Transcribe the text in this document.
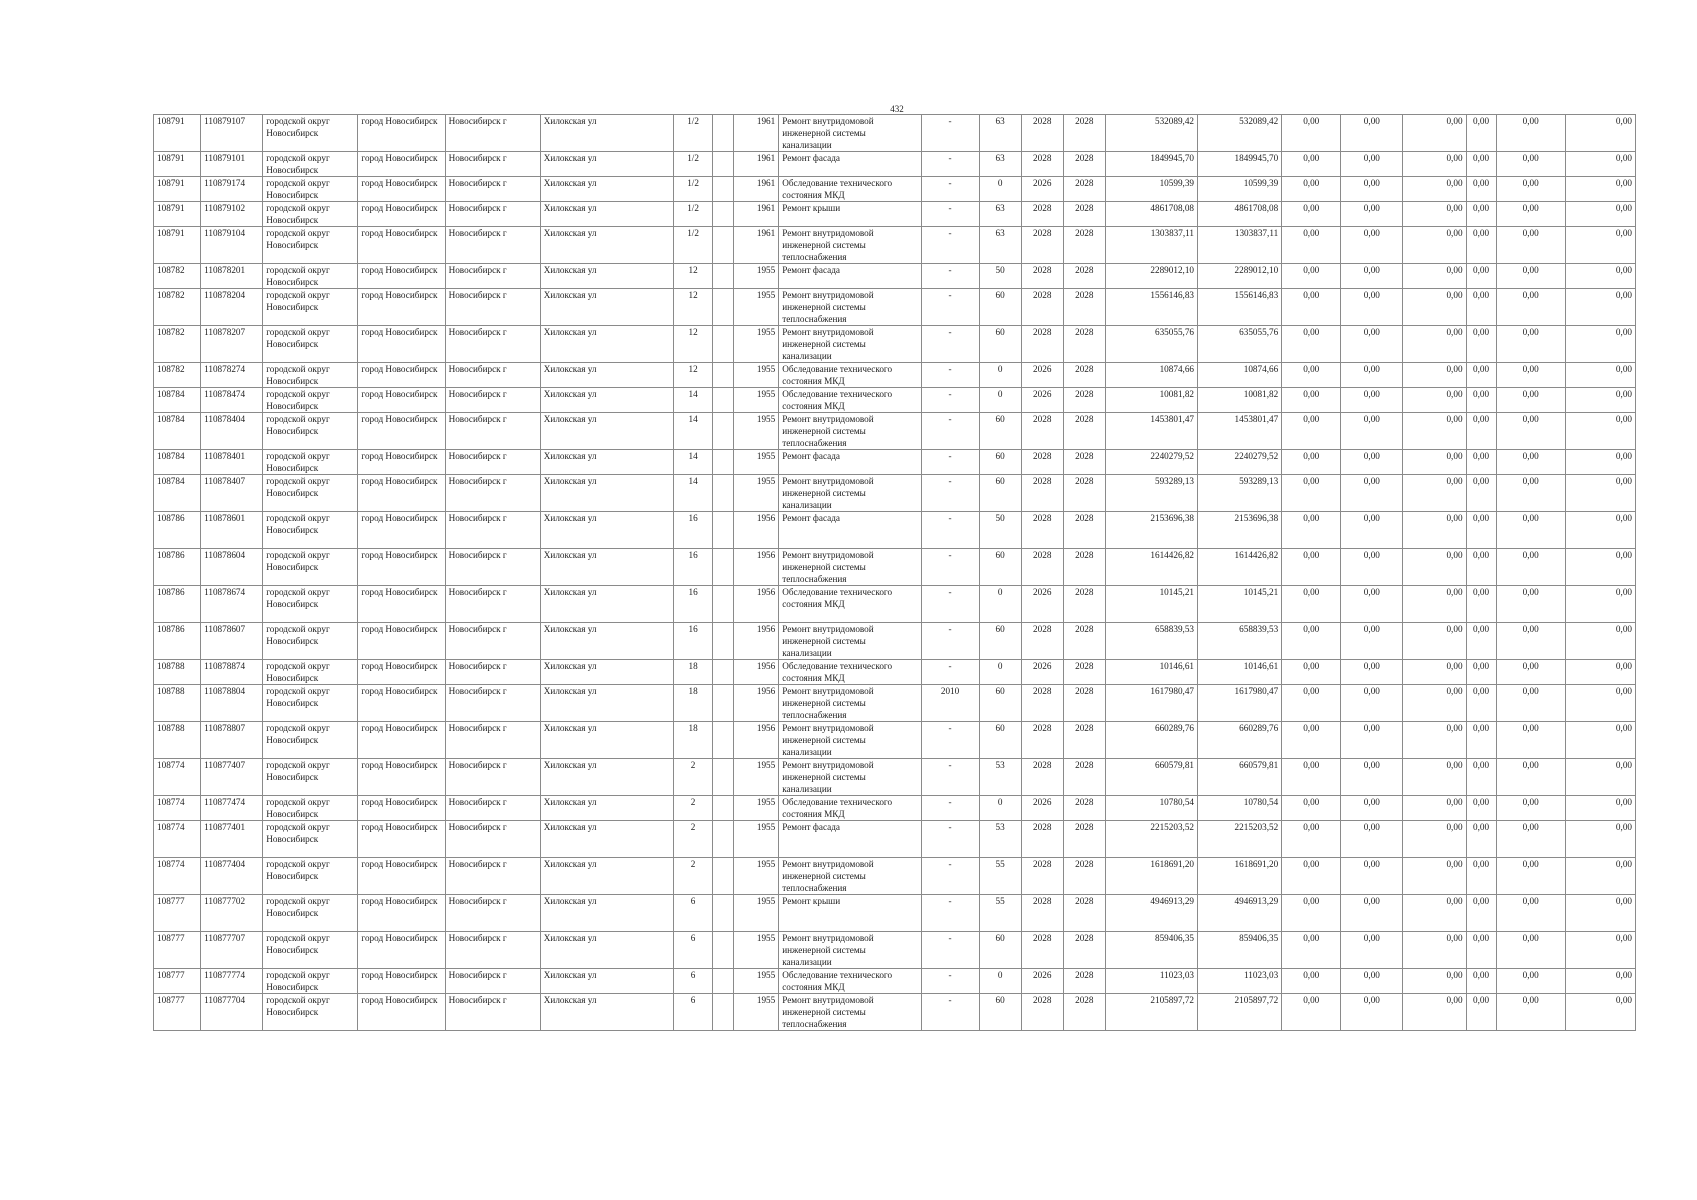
432
108791	110879107	городской округ Новосибирск	город Новосибирск	Новосибирск г	Хилокская ул	1/2		1961	Ремонт внутридомовой инженерной системы канализации	-	63	2028	2028	532089,42	532089,42	0,00	0,00	0,00	0,00	0,00	0,00
108791	110879101	городской округ Новосибирск	город Новосибирск	Новосибирск г	Хилокская ул	1/2		1961	Ремонт фасада	-	63	2028	2028	1849945,70	1849945,70	0,00	0,00	0,00	0,00	0,00	0,00
108791	110879174	городской округ Новосибирск	город Новосибирск	Новосибирск г	Хилокская ул	1/2		1961	Обследование технического состояния МКД	-	0	2026	2028	10599,39	10599,39	0,00	0,00	0,00	0,00	0,00	0,00
108791	110879102	городской округ Новосибирск	город Новосибирск	Новосибирск г	Хилокская ул	1/2		1961	Ремонт крыши	-	63	2028	2028	4861708,08	4861708,08	0,00	0,00	0,00	0,00	0,00	0,00
108791	110879104	городской округ Новосибирск	город Новосибирск	Новосибирск г	Хилокская ул	1/2		1961	Ремонт внутридомовой инженерной системы теплоснабжения	-	63	2028	2028	1303837,11	1303837,11	0,00	0,00	0,00	0,00	0,00	0,00
108782	110878201	городской округ Новосибирск	город Новосибирск	Новосибирск г	Хилокская ул	12		1955	Ремонт фасада	-	50	2028	2028	2289012,10	2289012,10	0,00	0,00	0,00	0,00	0,00	0,00
108782	110878204	городской округ Новосибирск	город Новосибирск	Новосибирск г	Хилокская ул	12		1955	Ремонт внутридомовой инженерной системы теплоснабжения	-	60	2028	2028	1556146,83	1556146,83	0,00	0,00	0,00	0,00	0,00	0,00
108782	110878207	городской округ Новосибирск	город Новосибирск	Новосибирск г	Хилокская ул	12		1955	Ремонт внутридомовой инженерной системы канализации	-	60	2028	2028	635055,76	635055,76	0,00	0,00	0,00	0,00	0,00	0,00
108782	110878274	городской округ Новосибирск	город Новосибирск	Новосибирск г	Хилокская ул	12		1955	Обследование технического состояния МКД	-	0	2026	2028	10874,66	10874,66	0,00	0,00	0,00	0,00	0,00	0,00
108784	110878474	городской округ Новосибирск	город Новосибирск	Новосибирск г	Хилокская ул	14		1955	Обследование технического состояния МКД	-	0	2026	2028	10081,82	10081,82	0,00	0,00	0,00	0,00	0,00	0,00
108784	110878404	городской округ Новосибирск	город Новосибирск	Новосибирск г	Хилокская ул	14		1955	Ремонт внутридомовой инженерной системы теплоснабжения	-	60	2028	2028	1453801,47	1453801,47	0,00	0,00	0,00	0,00	0,00	0,00
108784	110878401	городской округ Новосибирск	город Новосибирск	Новосибирск г	Хилокская ул	14		1955	Ремонт фасада	-	60	2028	2028	2240279,52	2240279,52	0,00	0,00	0,00	0,00	0,00	0,00
108784	110878407	городской округ Новосибирск	город Новосибирск	Новосибирск г	Хилокская ул	14		1955	Ремонт внутридомовой инженерной системы канализации	-	60	2028	2028	593289,13	593289,13	0,00	0,00	0,00	0,00	0,00	0,00
108786	110878601	городской округ Новосибирск	город Новосибирск	Новосибирск г	Хилокская ул	16		1956	Ремонт фасада	-	50	2028	2028	2153696,38	2153696,38	0,00	0,00	0,00	0,00	0,00	0,00
108786	110878604	городской округ Новосибирск	город Новосибирск	Новосибирск г	Хилокская ул	16		1956	Ремонт внутридомовой инженерной системы теплоснабжения	-	60	2028	2028	1614426,82	1614426,82	0,00	0,00	0,00	0,00	0,00	0,00
108786	110878674	городской округ Новосибирск	город Новосибирск	Новосибирск г	Хилокская ул	16		1956	Обследование технического состояния МКД	-	0	2026	2028	10145,21	10145,21	0,00	0,00	0,00	0,00	0,00	0,00
108786	110878607	городской округ Новосибирск	город Новосибирск	Новосибирск г	Хилокская ул	16		1956	Ремонт внутридомовой инженерной системы канализации	-	60	2028	2028	658839,53	658839,53	0,00	0,00	0,00	0,00	0,00	0,00
108788	110878874	городской округ Новосибирск	город Новосибирск	Новосибирск г	Хилокская ул	18		1956	Обследование технического состояния МКД	-	0	2026	2028	10146,61	10146,61	0,00	0,00	0,00	0,00	0,00	0,00
108788	110878804	городской округ Новосибирск	город Новосибирск	Новосибирск г	Хилокская ул	18		1956	Ремонт внутридомовой инженерной системы теплоснабжения	2010	60	2028	2028	1617980,47	1617980,47	0,00	0,00	0,00	0,00	0,00	0,00
108788	110878807	городской округ Новосибирск	город Новосибирск	Новосибирск г	Хилокская ул	18		1956	Ремонт внутридомовой инженерной системы канализации	-	60	2028	2028	660289,76	660289,76	0,00	0,00	0,00	0,00	0,00	0,00
108774	110877407	городской округ Новосибирск	город Новосибирск	Новосибирск г	Хилокская ул	2		1955	Ремонт внутридомовой инженерной системы канализации	-	53	2028	2028	660579,81	660579,81	0,00	0,00	0,00	0,00	0,00	0,00
108774	110877474	городской округ Новосибирск	город Новосибирск	Новосибирск г	Хилокская ул	2		1955	Обследование технического состояния МКД	-	0	2026	2028	10780,54	10780,54	0,00	0,00	0,00	0,00	0,00	0,00
108774	110877401	городской округ Новосибирск	город Новосибирск	Новосибирск г	Хилокская ул	2		1955	Ремонт фасада	-	53	2028	2028	2215203,52	2215203,52	0,00	0,00	0,00	0,00	0,00	0,00
108774	110877404	городской округ Новосибирск	город Новосибирск	Новосибирск г	Хилокская ул	2		1955	Ремонт внутридомовой инженерной системы теплоснабжения	-	55	2028	2028	1618691,20	1618691,20	0,00	0,00	0,00	0,00	0,00	0,00
108777	110877702	городской округ Новосибирск	город Новосибирск	Новосибирск г	Хилокская ул	6		1955	Ремонт крыши	-	55	2028	2028	4946913,29	4946913,29	0,00	0,00	0,00	0,00	0,00	0,00
108777	110877707	городской округ Новосибирск	город Новосибирск	Новосибирск г	Хилокская ул	6		1955	Ремонт внутридомовой инженерной системы канализации	-	60	2028	2028	859406,35	859406,35	0,00	0,00	0,00	0,00	0,00	0,00
108777	110877774	городской округ Новосибирск	город Новосибирск	Новосибирск г	Хилокская ул	6		1955	Обследование технического состояния МКД	-	0	2026	2028	11023,03	11023,03	0,00	0,00	0,00	0,00	0,00	0,00
108777	110877704	городской округ Новосибирск	город Новосибирск	Новосибирск г	Хилокская ул	6		1955	Ремонт внутридомовой инженерной системы теплоснабжения	-	60	2028	2028	2105897,72	2105897,72	0,00	0,00	0,00	0,00	0,00	0,00
